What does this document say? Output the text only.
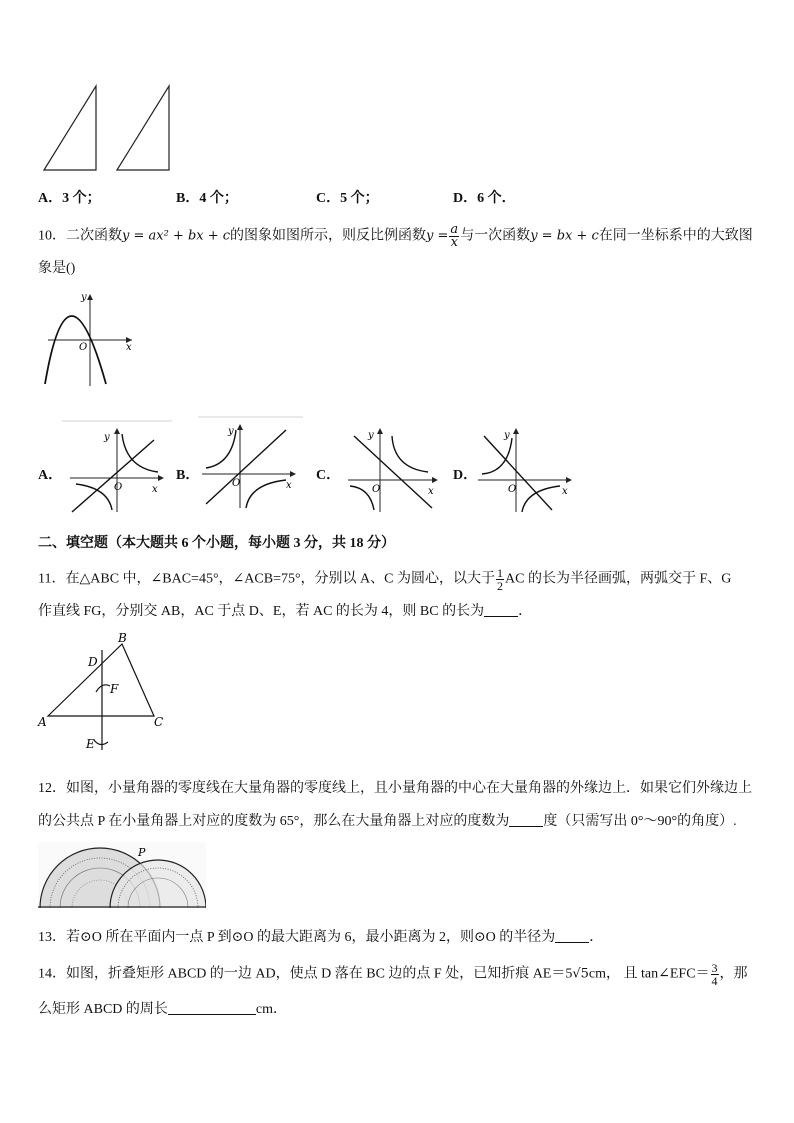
A．3 个；	B．4 个；	C．5 个；	D．6 个．
10．二次函数y = ax² + bx + c的图象如图所示，则反比例函数$y = \frac{a}{x}$ 与一次函数y = bx + c在同一坐标系中的大致图
象是()
y
x
O
A．
y
x
O
B．
y
x
O
C．
y
x
O
D．
y
x
O
二、填空题（本大题共 6 个小题，每小题 3 分，共 18 分）
11．在△ABC 中，∠BAC=45°，∠ACB=75°，分别以 A、C 为圆心，以大于 $\frac{1}{2}$ AC 的长为半径画弧，两弧交于 F、G
作直线 FG，分别交 AB，AC 于点 D、E，若 AC 的长为 4，则 BC 的长为 ．
B
D
F
A	C
E
12．如图，小量角器的零度线在大量角器的零度线上，且小量角器的中心在大量角器的外缘边上．如果它们外缘边上
的公共点 P 在小量角器上对应的度数为 65°，那么在大量角器上对应的度数为 度（只需写出 0°～90°的角度）.
P
13．若⊙O 所在平面内一点 P 到⊙O 的最大距离为 6，最小距离为 2，则⊙O 的半径为 ．
14．如图，折叠矩形 ABCD 的一边 AD，使点 D 落在 BC 边的点 F 处，已知折痕 AE＝5√5cm， 且 tan∠EFC＝ $\frac{3}{4}$ ，那
么矩形 ABCD 的周长	cm．
